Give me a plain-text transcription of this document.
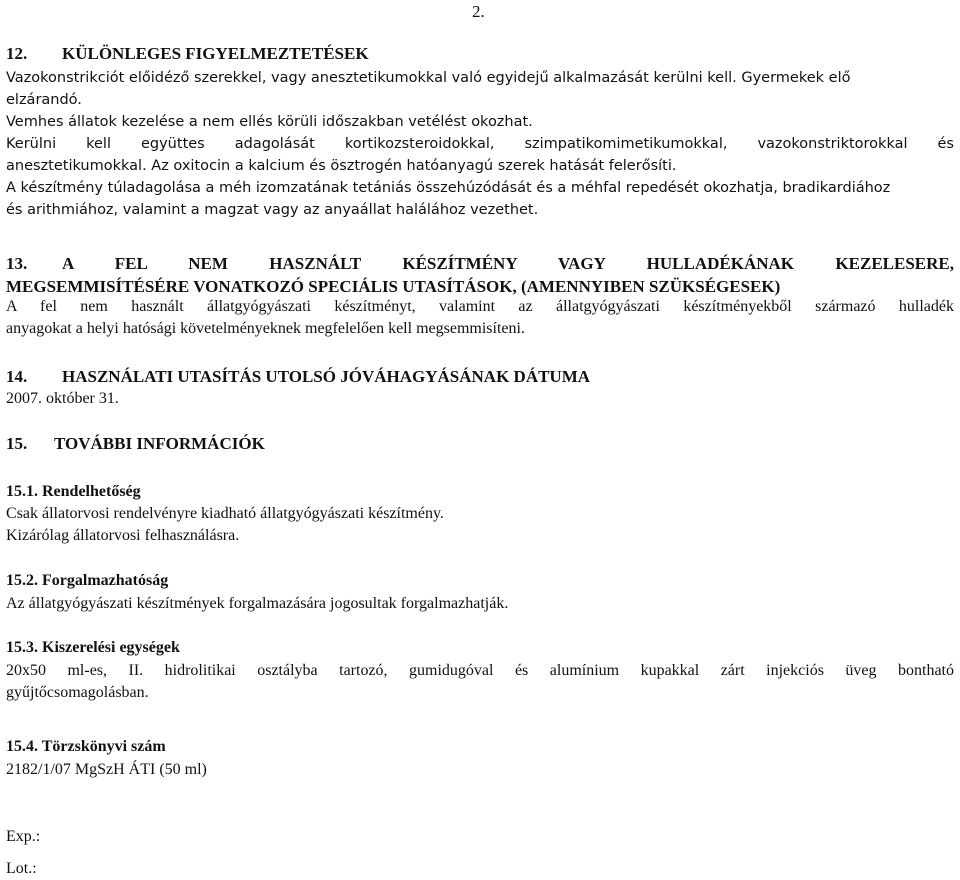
2.
12. KÜLÖNLEGES FIGYELMEZTETÉSEK
Vazokonstrikciót előidéző szerekkel, vagy anesztetikumokkal való egyidejű alkalmazását kerülni kell. Gyermekek elő
elzárandó.
Vemhes állatok kezelése a nem ellés körüli időszakban vetélést okozhat.
Kerülni kell együttes adagolását kortikozsteroidokkal, szimpatikomimetikumokkal, vazokonstriktorokkal és
anesztetikumokkal. Az oxitocin a kalcium és ösztrogén hatóanyagú szerek hatását felerősíti.
A készítmény túladagolása a méh izomzatának tetániás összehúzódását és a méhfal repedését okozhatja, bradikardiához
és arithmiához, valamint a magzat vagy az anyaállat halálához vezethet.
13. A FEL NEM HASZNÁLT KÉSZÍTMÉNY VAGY HULLADÉKÁNAK KEZELESERE,
MEGSEMMISÍTÉSÉRE VONATKOZÓ SPECIÁLIS UTASÍTÁSOK, (AMENNYIBEN SZÜKSÉGESEK)
A fel nem használt állatgyógyászati készítményt, valamint az állatgyógyászati készítményekből származó hulladék
anyagokat a helyi hatósági követelményeknek megfelelően kell megsemmisíteni.
14. HASZNÁLATI UTASÍTÁS UTOLSÓ JÓVÁHAGYÁSÁNAK DÁTUMA
2007. október 31.
15. TOVÁBBI INFORMÁCIÓK
15.1. Rendelhetőség
Csak állatorvosi rendelvényre kiadható állatgyógyászati készítmény.
Kizárólag állatorvosi felhasználásra.
15.2. Forgalmazhatóság
Az állatgyógyászati készítmények forgalmazására jogosultak forgalmazhatják.
15.3. Kiszerelési egységek
20x50 ml-es, II. hidrolitikai osztályba tartozó, gumidugóval és alumínium kupakkal zárt injekciós üveg bontható
gyűjtőcsomagolásban.
15.4. Törzskönyvi szám
2182/1/07 MgSzH ÁTI (50 ml)
Exp.:
Lot.:
